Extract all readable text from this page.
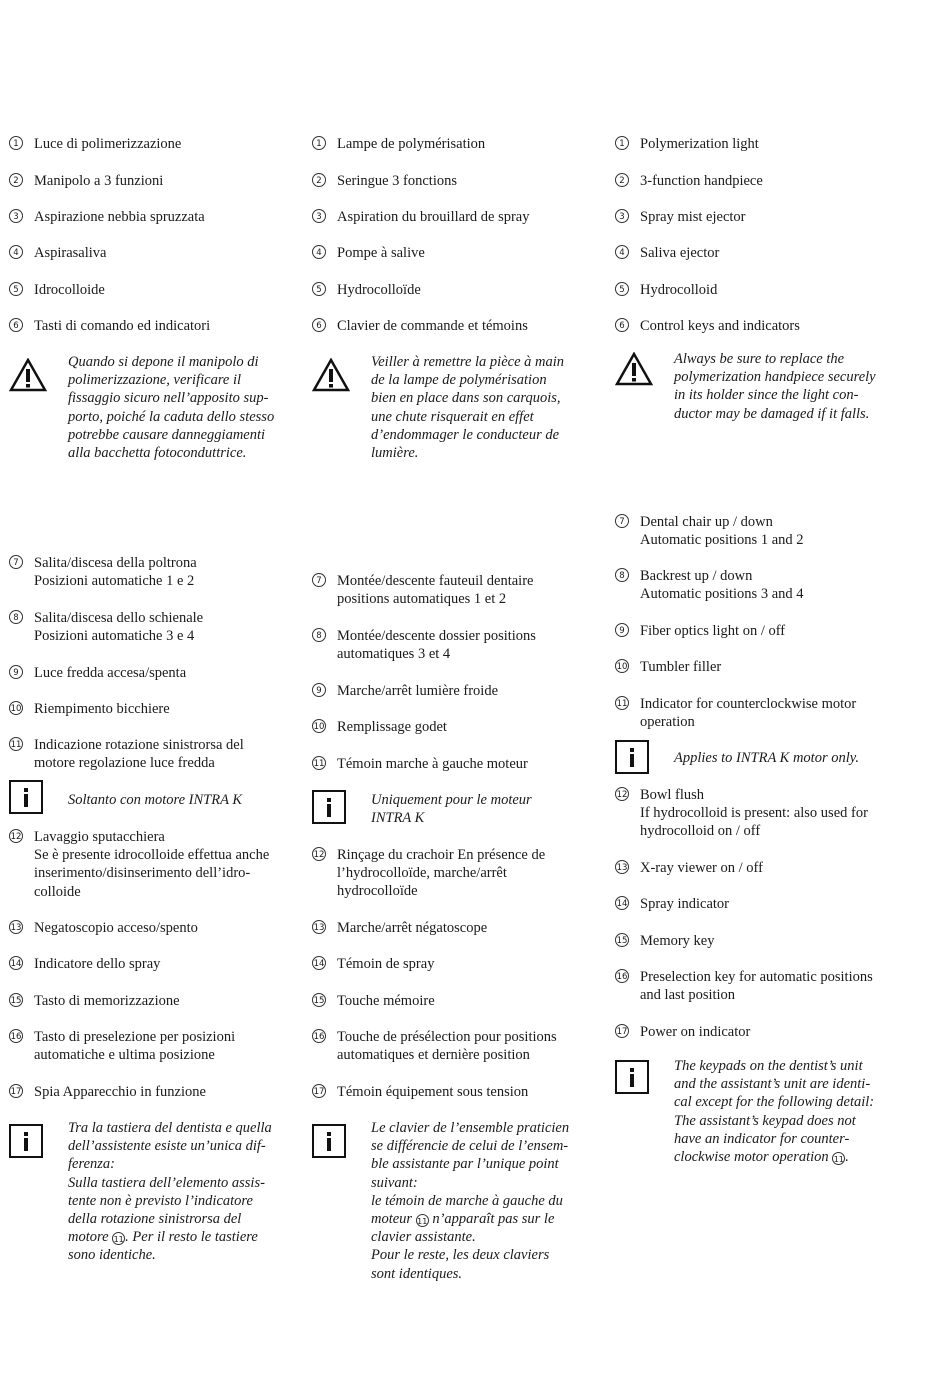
1 Luce di polimerizzazione
2 Manipolo a 3 funzioni
3 Aspirazione nebbia spruzzata
4 Aspirasaliva
5 Idrocolloide
6 Tasti di comando ed indicatori
Quando si depone il manipolo di
polimerizzazione, verificare il
fissaggio sicuro nell’apposito sup-
porto, poiché la caduta dello stesso
potrebbe causare danneggiamenti
alla bacchetta fotoconduttrice.
7 Salita/discesa della poltrona
Posizioni automatiche 1 e 2
8 Salita/discesa dello schienale
Posizioni automatiche 3 e 4
9 Luce fredda accesa/spenta
10 Riempimento bicchiere
11 Indicazione rotazione sinistrorsa del
motore regolazione luce fredda
Soltanto con motore INTRA K
12 Lavaggio sputacchiera
Se è presente idrocolloide effettua anche
inserimento/disinserimento dell’idro-
colloide
13 Negatoscopio acceso/spento
14 Indicatore dello spray
15 Tasto di memorizzazione
16 Tasto di preselezione per posizioni
automatiche e ultima posizione
17 Spia Apparecchio in funzione
Tra la tastiera del dentista e quella
dell’assistente esiste un’unica dif-
ferenza:
Sulla tastiera dell’elemento assis-
tente non è previsto l’indicatore
della rotazione sinistrorsa del
motore 11. Per il resto le tastiere
sono identiche.
1 Lampe de polymérisation
2 Seringue 3 fonctions
3 Aspiration du brouillard de spray
4 Pompe à salive
5 Hydrocolloïde
6 Clavier de commande et témoins
Veiller à remettre la pièce à main
de la lampe de polymérisation
bien en place dans son carquois,
une chute risquerait en effet
d’endommager le conducteur de
lumière.
7 Montée/descente fauteuil dentaire
positions automatiques 1 et 2
8 Montée/descente dossier positions
automatiques 3 et 4
9 Marche/arrêt lumière froide
10 Remplissage godet
11 Témoin marche à gauche moteur
Uniquement pour le moteur
INTRA K
12 Rinçage du crachoir En présence de
l’hydrocolloïde, marche/arrêt
hydrocolloïde
13 Marche/arrêt négatoscope
14 Témoin de spray
15 Touche mémoire
16 Touche de présélection pour positions
automatiques et dernière position
17 Témoin équipement sous tension
Le clavier de l’ensemble praticien
se différencie de celui de l’ensem-
ble assistante par l’unique point
suivant:
le témoin de marche à gauche du
moteur 11 n’apparaît pas sur le
clavier assistante.
Pour le reste, les deux claviers
sont identiques.
1 Polymerization light
2 3-function handpiece
3 Spray mist ejector
4 Saliva ejector
5 Hydrocolloid
6 Control keys and indicators
Always be sure to replace the
polymerization handpiece securely
in its holder since the light con-
ductor may be damaged if it falls.
7 Dental chair up / down
Automatic positions 1 and 2
8 Backrest up / down
Automatic positions 3 and 4
9 Fiber optics light on / off
10 Tumbler filler
11 Indicator for counterclockwise motor
operation
Applies to INTRA K motor only.
12 Bowl flush
If hydrocolloid is present: also used for
hydrocolloid on / off
13 X-ray viewer on / off
14 Spray indicator
15 Memory key
16 Preselection key for automatic positions
and last position
17 Power on indicator
The keypads on the dentist’s unit
and the assistant’s unit are identi-
cal except for the following detail:
The assistant’s keypad does not
have an indicator for counter-
clockwise motor operation 11.
